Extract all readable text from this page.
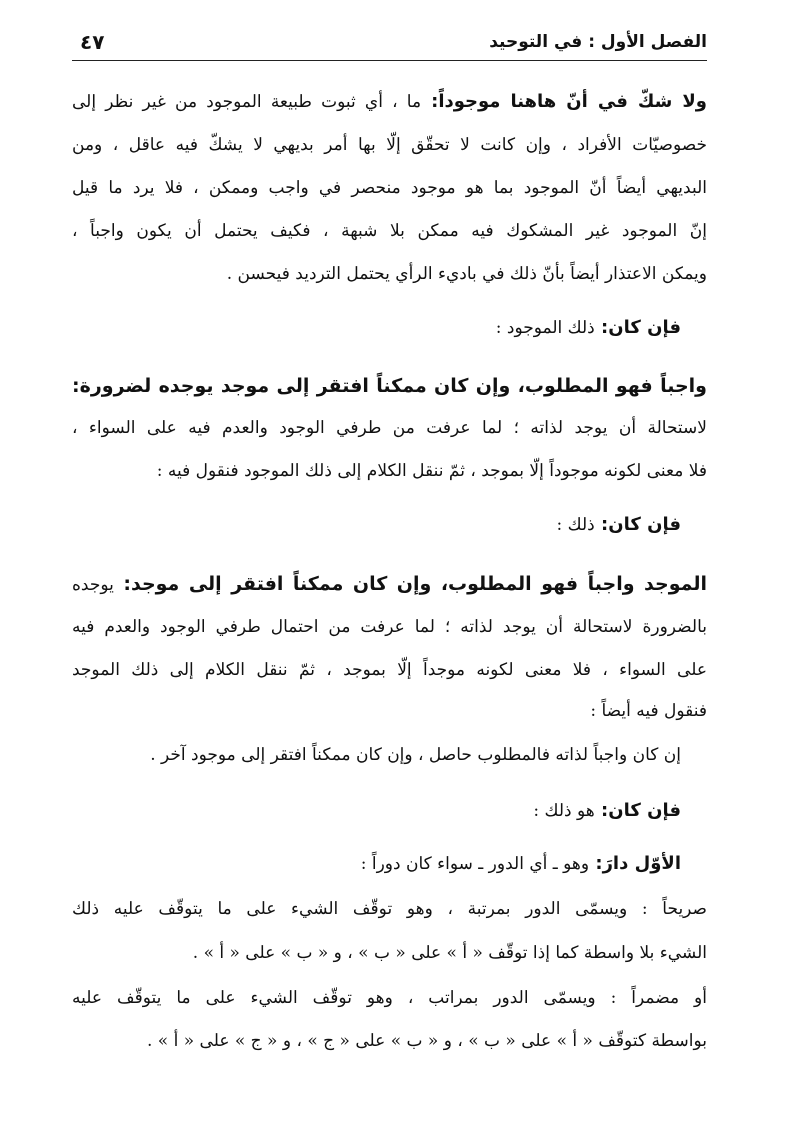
الفصل الأول : في التوحيد
٤٧
ولا شكّ في أنّ هاهنا موجوداً: ما ، أي ثبوت طبيعة الموجود من غير نظر إلى
خصوصيّات الأفراد ، وإن كانت لا تحقّق إلّا بها أمر بديهي لا يشكّ فيه عاقل ، ومن
البديهي أيضاً أنّ الموجود بما هو موجود منحصر في واجب وممكن ، فلا يرد ما قيل
إنّ الموجود غير المشكوك فيه ممكن بلا شبهة ، فكيف يحتمل أن يكون واجباً ،
ويمكن الاعتذار أيضاً بأنّ ذلك في باديء الرأي يحتمل الترديد فيحسن .
فإن كان: ذلك الموجود :
واجباً فهو المطلوب، وإن كان ممكناً افتقر إلى موجد يوجده لضرورة:
لاستحالة أن يوجد لذاته ؛ لما عرفت من طرفي الوجود والعدم فيه على السواء ،
فلا معنى لكونه موجوداً إلّا بموجد ، ثمّ ننقل الكلام إلى ذلك الموجود فنقول فيه :
فإن كان: ذلك :
الموجد واجباً فهو المطلوب، وإن كان ممكناً افتقر إلى موجد: يوجده
بالضرورة لاستحالة أن يوجد لذاته ؛ لما عرفت من احتمال طرفي الوجود والعدم فيه
على السواء ، فلا معنى لكونه موجداً إلّا بموجد ، ثمّ ننقل الكلام إلى ذلك الموجد
فنقول فيه أيضاً :
إن كان واجباً لذاته فالمطلوب حاصل ، وإن كان ممكناً افتقر إلى موجود آخر .
فإن كان: هو ذلك :
الأوّل دارَ: وهو ـ أي الدور ـ سواء كان دوراً :
صريحاً : ويسمّى الدور بمرتبة ، وهو توقّف الشيء على ما يتوقّف عليه ذلك
الشيء بلا واسطة كما إذا توقّف « أ » على « ب » ، و « ب » على « أ » .
أو مضمراً : ويسمّى الدور بمراتب ، وهو توقّف الشيء على ما يتوقّف عليه
بواسطة كتوقّف « أ » على « ب » ، و « ب » على « ج » ، و « ج » على « أ » .
